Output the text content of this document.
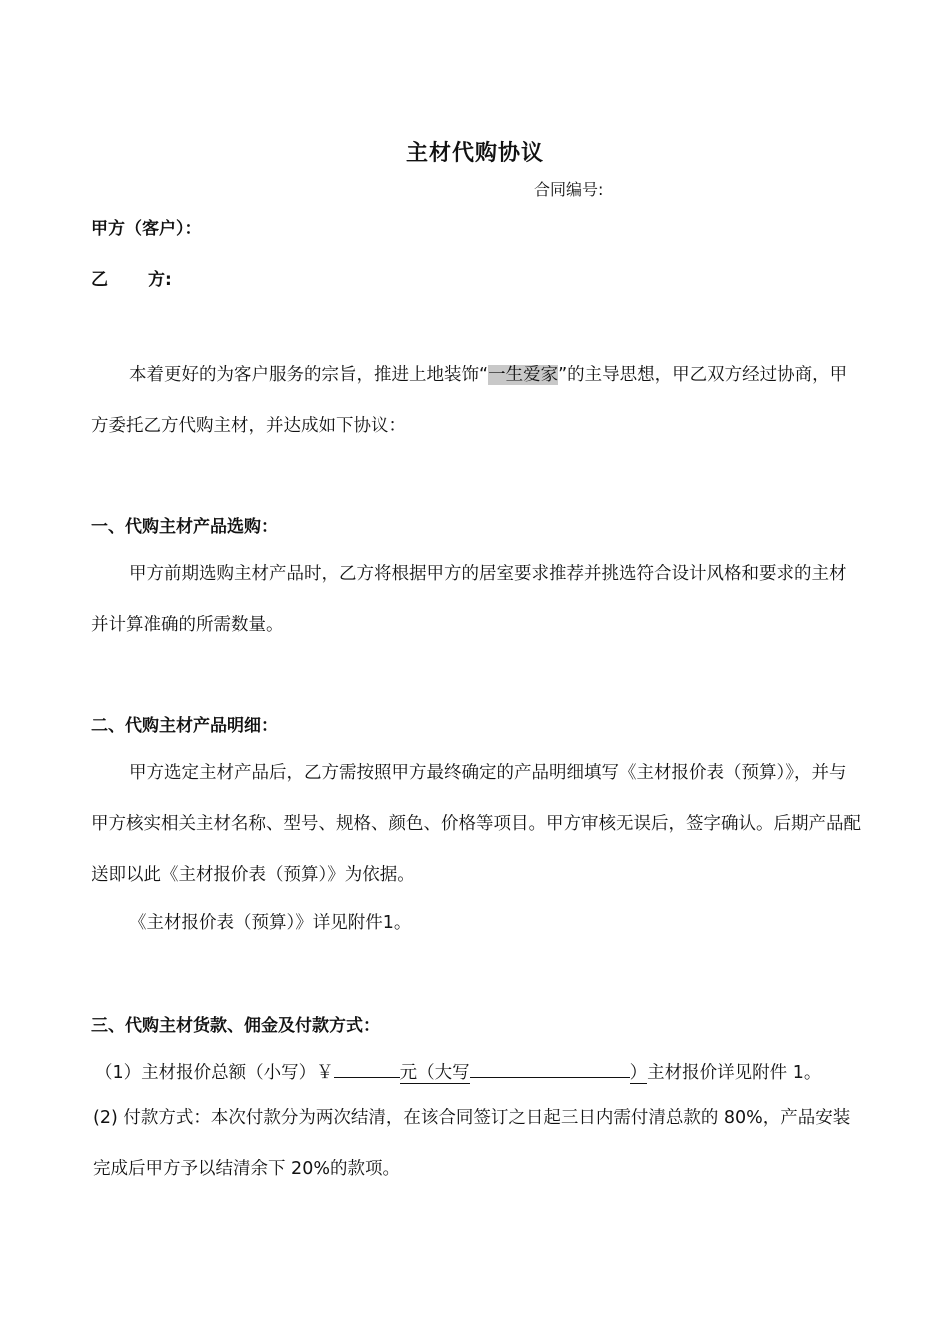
主材代购协议
合同编号:
甲方（客户）：
乙 方:
本着更好的为客户服务的宗旨，推进上地装饰“一生爱家”的主导思想，甲乙双方经过协商，甲方委托乙方代购主材，并达成如下协议：
一、代购主材产品选购：
甲方前期选购主材产品时，乙方将根据甲方的居室要求推荐并挑选符合设计风格和要求的主材并计算准确的所需数量。
二、代购主材产品明细：
甲方选定主材产品后，乙方需按照甲方最终确定的产品明细填写《主材报价表（预算）》，并与甲方核实相关主材名称、型号、规格、颜色、价格等项目。甲方审核无误后，签字确认。后期产品配送即以此《主材报价表（预算）》为依据。
《主材报价表（预算）》详见附件1。
三、代购主材货款、佣金及付款方式：
（1）主材报价总额（小写）￥	元（大写	）主材报价详见附件 1。
(2) 付款方式：本次付款分为两次结清，在该合同签订之日起三日内需付清总款的 80%，产品安装完成后甲方予以结清余下 20%的款项。
